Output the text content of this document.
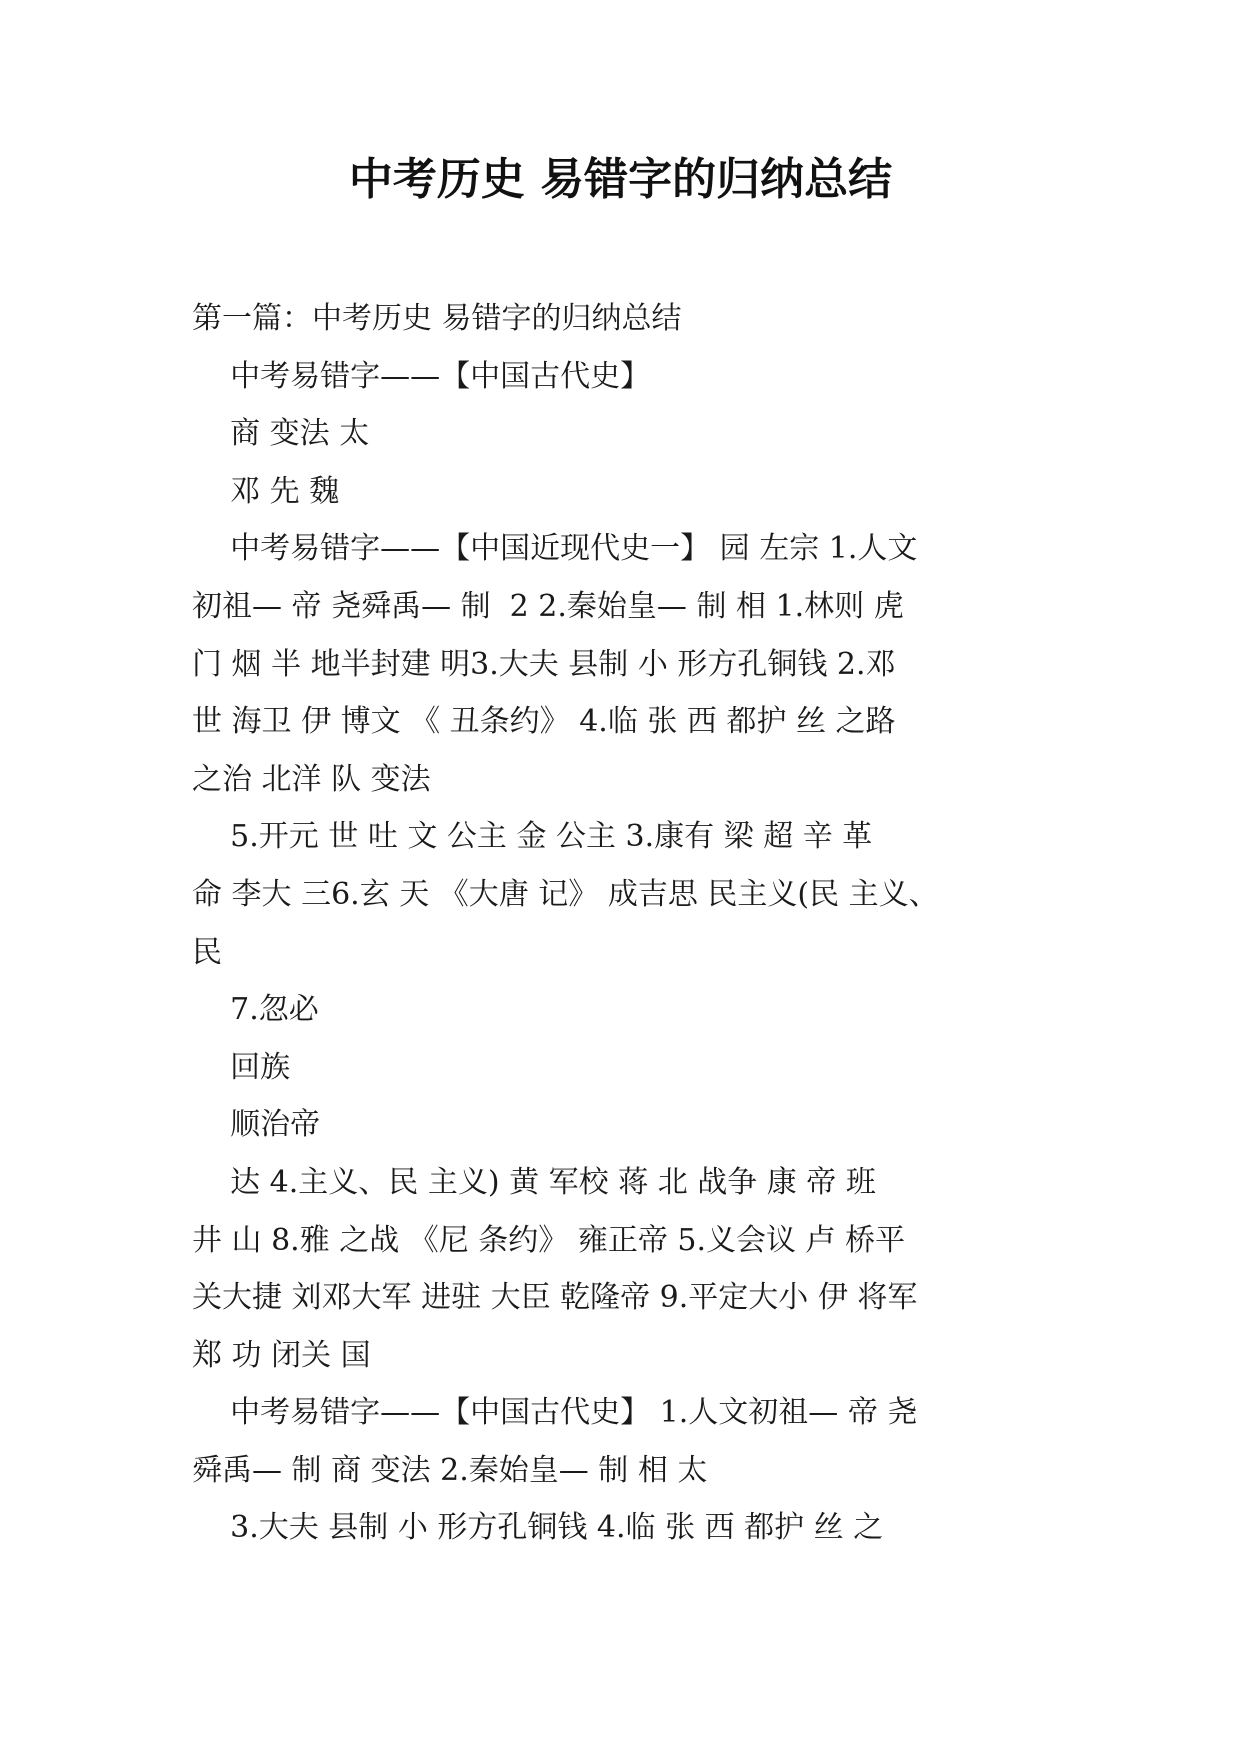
中考历史 易错字的归纳总结
第一篇：中考历史 易错字的归纳总结
中考易错字——【中国古代史】
商 变法 太
邓 先 魏
中考易错字——【中国近现代史一】 园 左宗 1.人文
初祖— 帝 尧舜禹— 制  2 2.秦始皇— 制 相 1.林则 虎
门 烟 半 地半封建 明3.大夫 县制 小 形方孔铜钱 2.邓
世 海卫 伊 博文 《 丑条约》 4.临 张 西 都护 丝 之路
之治 北洋 队 变法
5.开元 世 吐 文 公主 金 公主 3.康有 梁 超 辛 革
命 李大 三6.玄 天 《大唐 记》 成吉思 民主义(民 主义、
民
7.忽必
回族
顺治帝
达 4.主义、民 主义) 黄 军校 蒋 北 战争 康 帝 班
井 山 8.雅 之战 《尼 条约》 雍正帝 5.义会议 卢 桥平
关大捷 刘邓大军 进驻 大臣 乾隆帝 9.平定大小 伊 将军
郑 功 闭关 国
中考易错字——【中国古代史】 1.人文初祖— 帝 尧
舜禹— 制 商 变法 2.秦始皇— 制 相 太
3.大夫 县制 小 形方孔铜钱 4.临 张 西 都护 丝 之
